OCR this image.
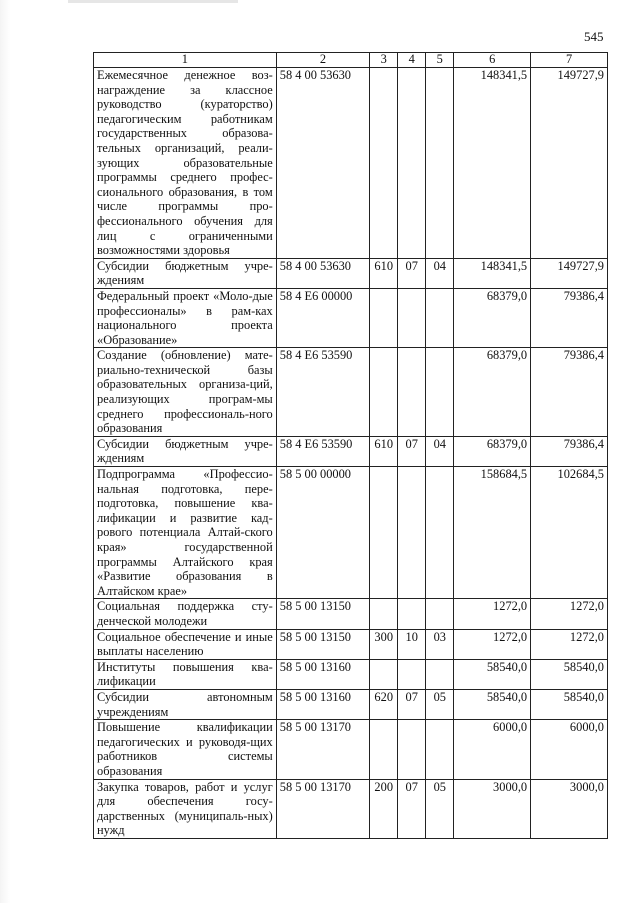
545
1	2	3	4	5	6	7
Ежемесячное денежное воз-награждение за классное руководство (кураторство) педагогическим работникам государственных образова-тельных организаций, реали-зующих образовательные программы среднего профес-сионального образования, в том числе программы про-фессионального обучения для лиц с ограниченными возможностями здоровья	58 4 00 53630				148341,5	149727,9
Субсидии бюджетным учре-ждениям	58 4 00 53630	610	07	04	148341,5	149727,9
Федеральный проект «Моло-дые профессионалы» в рам-ках национального проекта «Образование»	58 4 E6 00000				68379,0	79386,4
Создание (обновление) мате-риально-технической базы образовательных организа-ций, реализующих програм-мы среднего профессиональ-ного образования	58 4 E6 53590				68379,0	79386,4
Субсидии бюджетным учре-ждениям	58 4 E6 53590	610	07	04	68379,0	79386,4
Подпрограмма «Професcио-нальная подготовка, пере-подготовка, повышение ква-лификации и развитие кад-рового потенциала Алтай-ского края» государственной программы Алтайского края «Развитие образования в Алтайском крае»	58 5 00 00000				158684,5	102684,5
Социальная поддержка сту-денческой молодежи	58 5 00 13150				1272,0	1272,0
Социальное обеспечение и иные выплаты населению	58 5 00 13150	300	10	03	1272,0	1272,0
Институты повышения ква-лификации	58 5 00 13160				58540,0	58540,0
Субсидии автономным учреждениям	58 5 00 13160	620	07	05	58540,0	58540,0
Повышение квалификации педагогических и руководя-щих работников системы образования	58 5 00 13170				6000,0	6000,0
Закупка товаров, работ и услуг для обеспечения госу-дарственных (муниципаль-ных) нужд	58 5 00 13170	200	07	05	3000,0	3000,0
